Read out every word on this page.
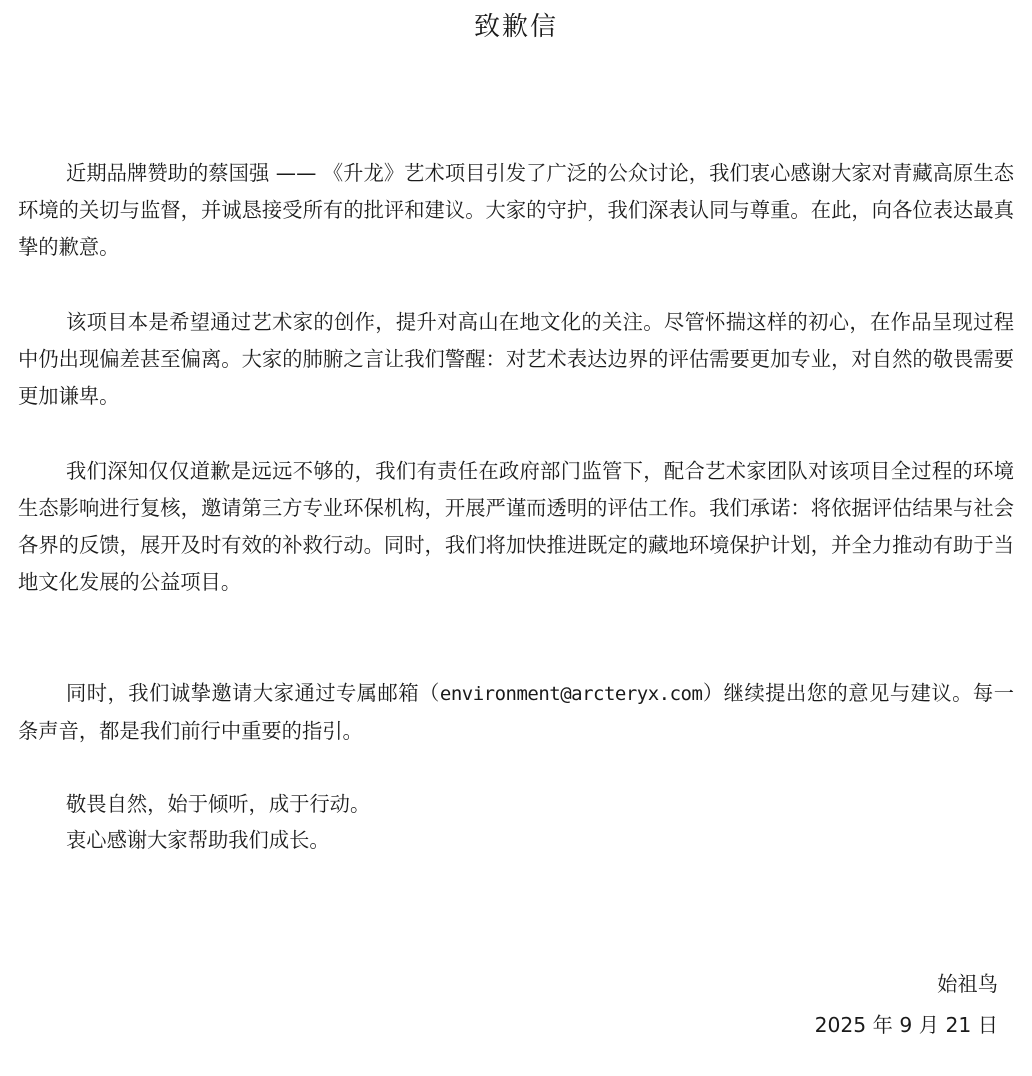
致歉信

近期品牌赞助的蔡国强 —— 《升龙》艺术项目引发了广泛的公众讨论，我们衷心感谢大家对青藏高原生态环境的关切与监督，并诚恳接受所有的批评和建议。大家的守护，我们深表认同与尊重。在此，向各位表达最真挚的歉意。

该项目本是希望通过艺术家的创作，提升对高山在地文化的关注。尽管怀揣这样的初心，在作品呈现过程中仍出现偏差甚至偏离。大家的肺腑之言让我们警醒：对艺术表达边界的评估需要更加专业，对自然的敬畏需要更加谦卑。

我们深知仅仅道歉是远远不够的，我们有责任在政府部门监管下，配合艺术家团队对该项目全过程的环境生态影响进行复核，邀请第三方专业环保机构，开展严谨而透明的评估工作。我们承诺：将依据评估结果与社会各界的反馈，展开及时有效的补救行动。同时，我们将加快推进既定的藏地环境保护计划，并全力推动有助于当地文化发展的公益项目。

同时，我们诚挚邀请大家通过专属邮箱（environment@arcteryx.com）继续提出您的意见与建议。每一条声音，都是我们前行中重要的指引。

敬畏自然，始于倾听，成于行动。
衷心感谢大家帮助我们成长。
始祖鸟
2025 年 9 月 21 日
